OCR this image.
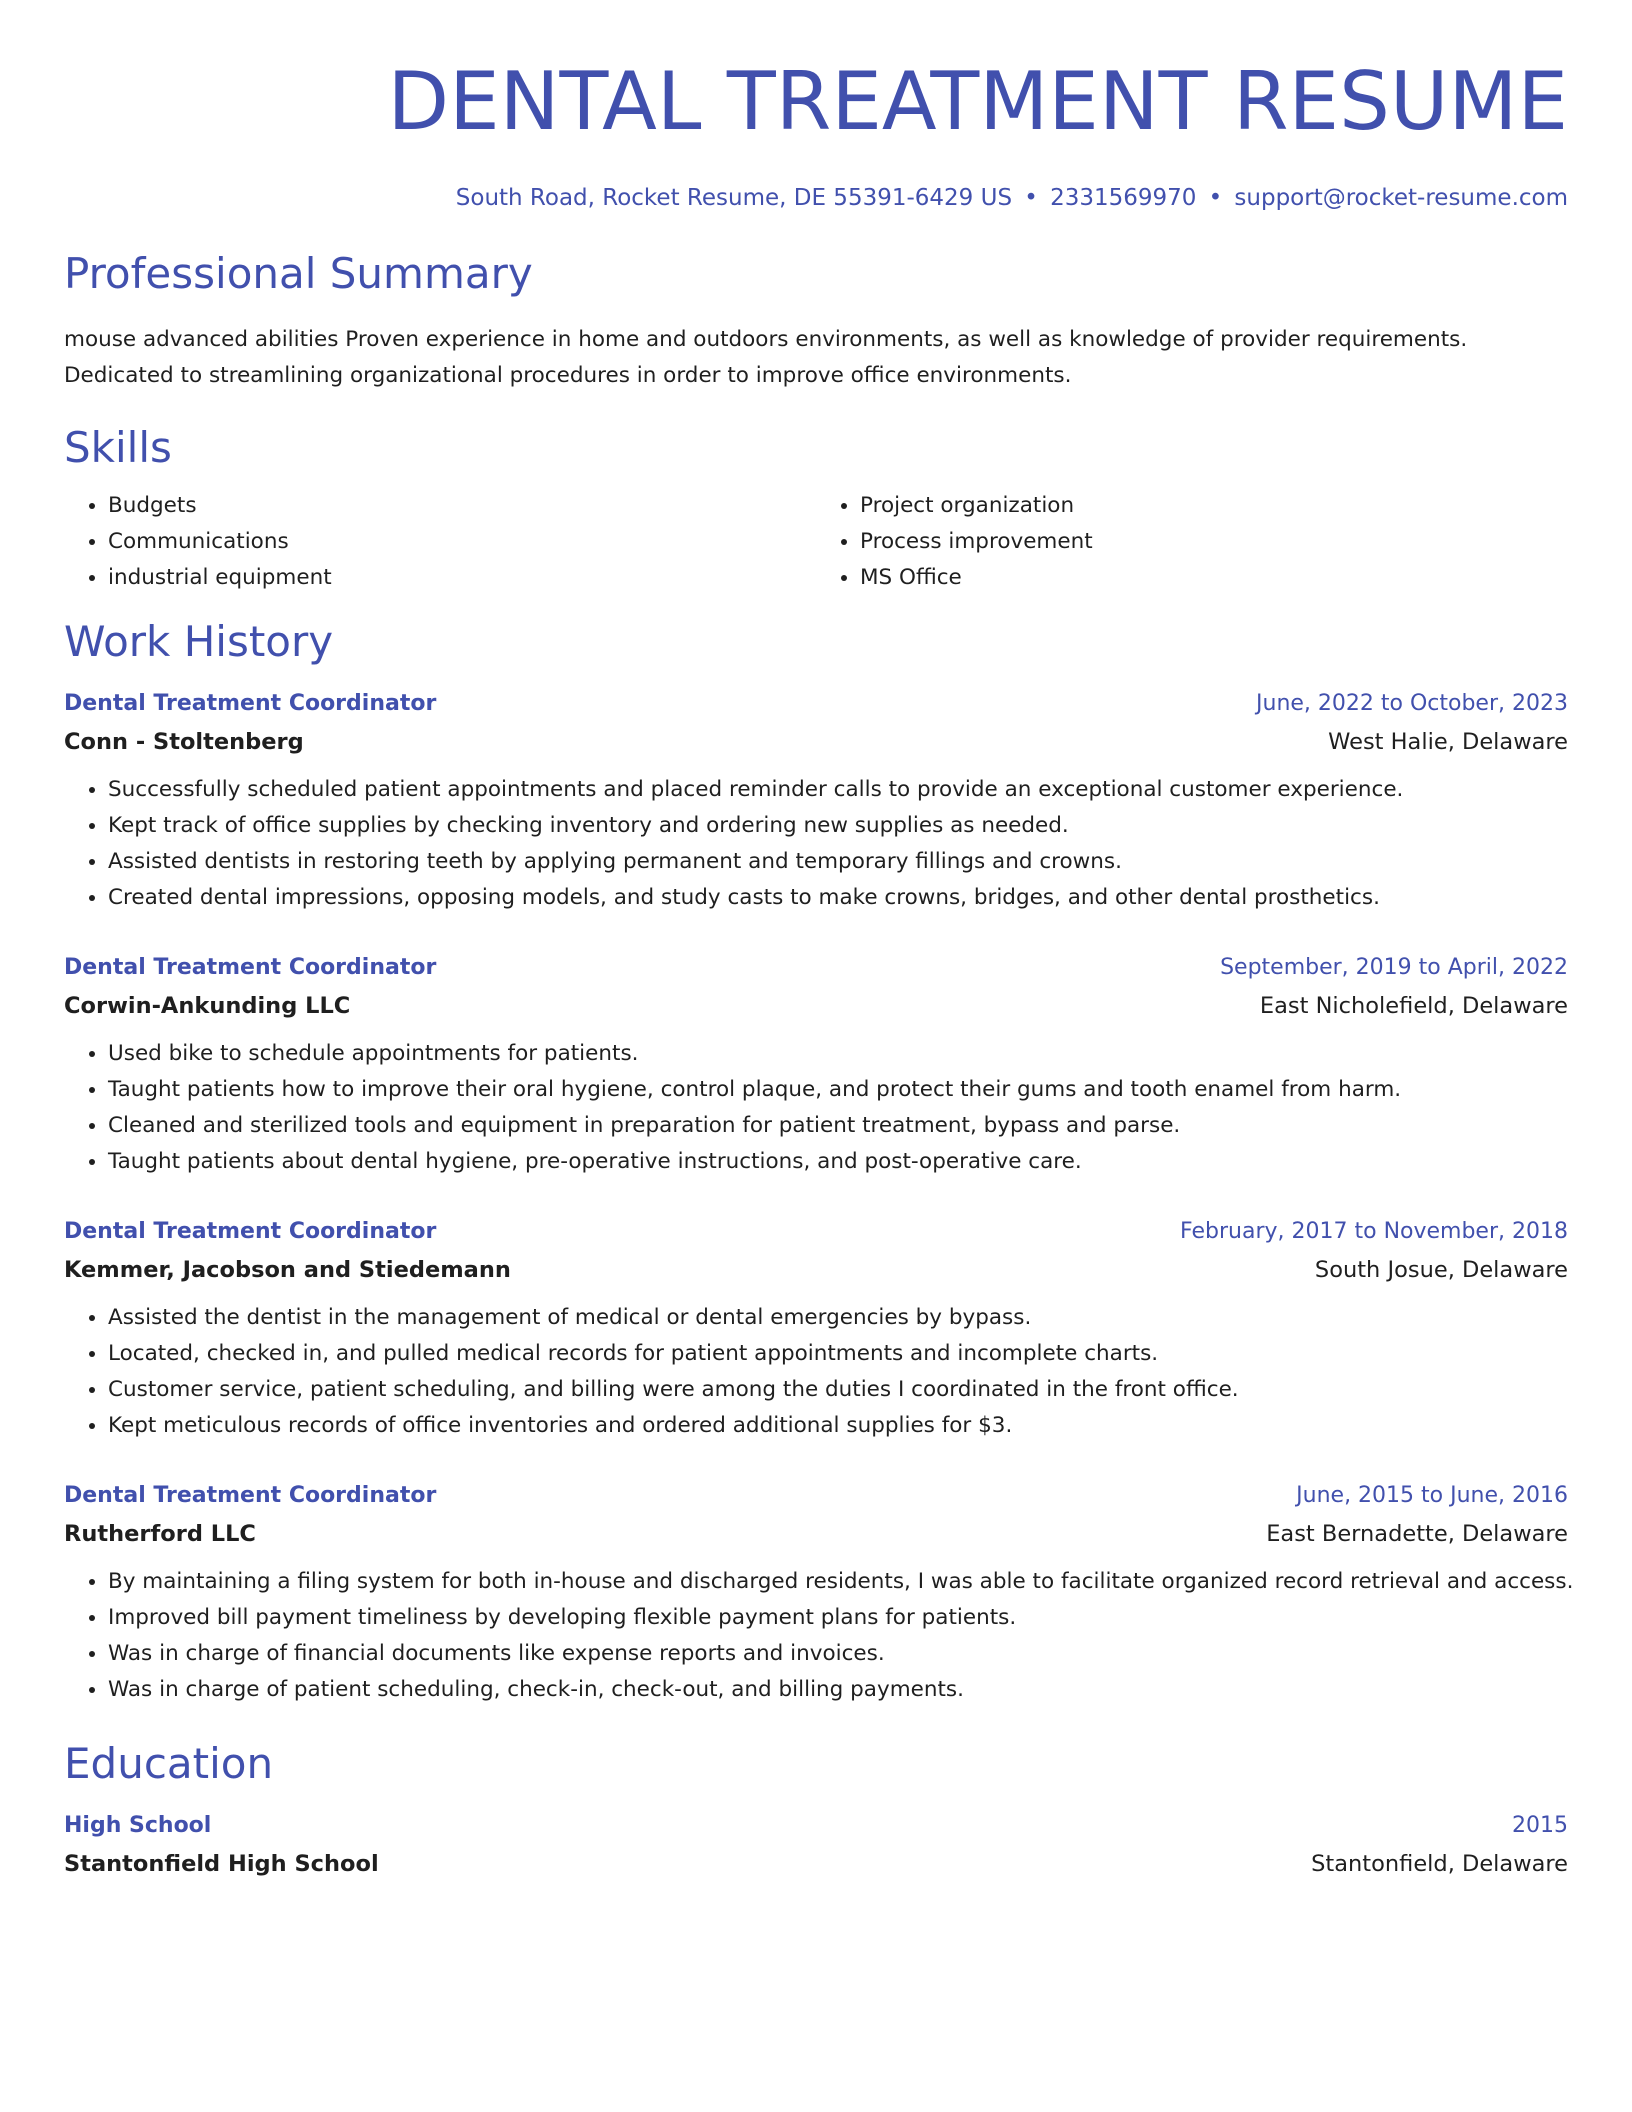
DENTAL TREATMENT RESUME
South Road, Rocket Resume, DE 55391-6429 US • 2331569970 • support@rocket-resume.com
Professional Summary
mouse advanced abilities Proven experience in home and outdoors environments, as well as knowledge of provider requirements. Dedicated to streamlining organizational procedures in order to improve office environments.
Skills
• Budgets
• Communications
• industrial equipment
• Project organization
• Process improvement
• MS Office
Work History
Dental Treatment Coordinator	June, 2022 to October, 2023
Conn - Stoltenberg	West Halie, Delaware
• Successfully scheduled patient appointments and placed reminder calls to provide an exceptional customer experience.
• Kept track of office supplies by checking inventory and ordering new supplies as needed.
• Assisted dentists in restoring teeth by applying permanent and temporary fillings and crowns.
• Created dental impressions, opposing models, and study casts to make crowns, bridges, and other dental prosthetics.
Dental Treatment Coordinator	September, 2019 to April, 2022
Corwin-Ankunding LLC	East Nicholefield, Delaware
• Used bike to schedule appointments for patients.
• Taught patients how to improve their oral hygiene, control plaque, and protect their gums and tooth enamel from harm.
• Cleaned and sterilized tools and equipment in preparation for patient treatment, bypass and parse.
• Taught patients about dental hygiene, pre-operative instructions, and post-operative care.
Dental Treatment Coordinator	February, 2017 to November, 2018
Kemmer, Jacobson and Stiedemann	South Josue, Delaware
• Assisted the dentist in the management of medical or dental emergencies by bypass.
• Located, checked in, and pulled medical records for patient appointments and incomplete charts.
• Customer service, patient scheduling, and billing were among the duties I coordinated in the front office.
• Kept meticulous records of office inventories and ordered additional supplies for $3.
Dental Treatment Coordinator	June, 2015 to June, 2016
Rutherford LLC	East Bernadette, Delaware
• By maintaining a filing system for both in-house and discharged residents, I was able to facilitate organized record retrieval and access.
• Improved bill payment timeliness by developing flexible payment plans for patients.
• Was in charge of financial documents like expense reports and invoices.
• Was in charge of patient scheduling, check-in, check-out, and billing payments.
Education
High School	2015
Stantonfield High School	Stantonfield, Delaware
